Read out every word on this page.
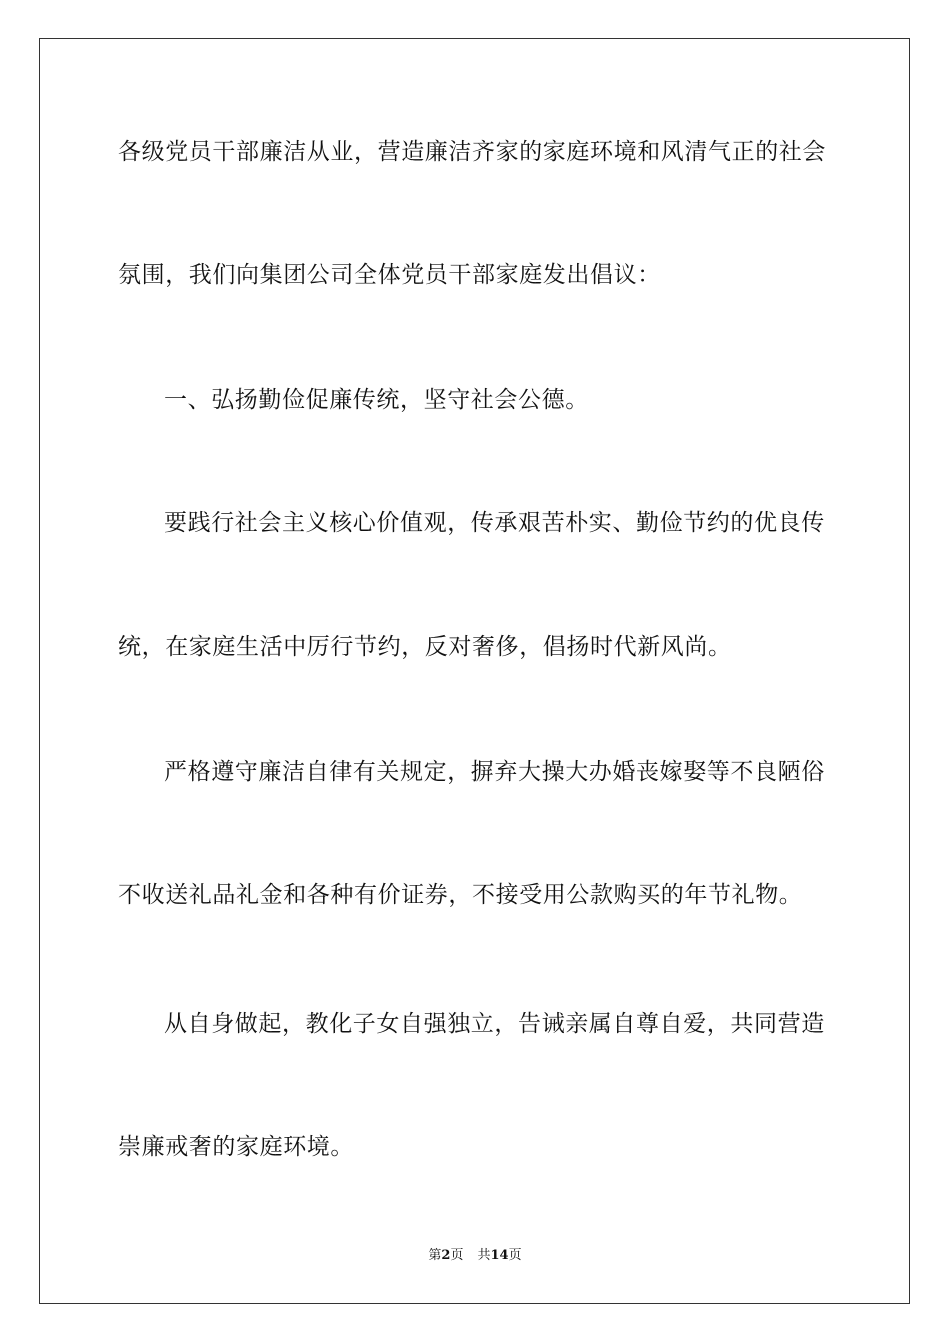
各级党员干部廉洁从业，营造廉洁齐家的家庭环境和风清气正的社会
氛围，我们向集团公司全体党员干部家庭发出倡议：
一、弘扬勤俭促廉传统，坚守社会公德。
要践行社会主义核心价值观，传承艰苦朴实、勤俭节约的优良传
统，在家庭生活中厉行节约，反对奢侈，倡扬时代新风尚。
严格遵守廉洁自律有关规定，摒弃大操大办婚丧嫁娶等不良陋俗
不收送礼品礼金和各种有价证券，不接受用公款购买的年节礼物。
从自身做起，教化子女自强独立，告诫亲属自尊自爱，共同营造
崇廉戒奢的家庭环境。
第2页 共14页
